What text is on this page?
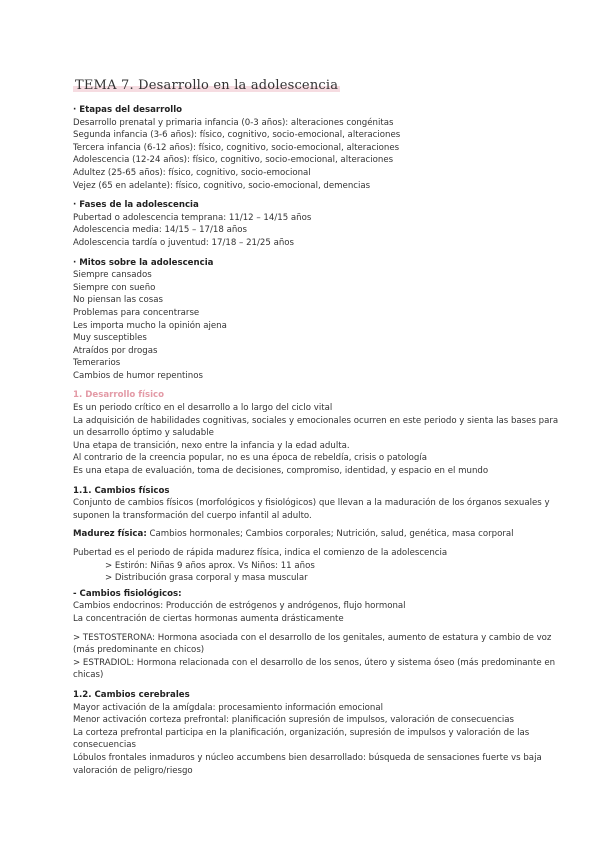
TEMA 7. Desarrollo en la adolescencia
· Etapas del desarrollo
Desarrollo prenatal y primaria infancia (0-3 años): alteraciones congénitas
Segunda infancia (3-6 años): físico, cognitivo, socio-emocional, alteraciones
Tercera infancia (6-12 años): físico, cognitivo, socio-emocional, alteraciones
Adolescencia (12-24 años): físico, cognitivo, socio-emocional, alteraciones
Adultez (25-65 años): físico, cognitivo, socio-emocional
Vejez (65 en adelante): físico, cognitivo, socio-emocional, demencias
· Fases de la adolescencia
Pubertad o adolescencia temprana: 11/12 – 14/15 años
Adolescencia media: 14/15 – 17/18 años
Adolescencia tardía o juventud: 17/18 – 21/25 años
· Mitos sobre la adolescencia
Siempre cansados
Siempre con sueño
No piensan las cosas
Problemas para concentrarse
Les importa mucho la opinión ajena
Muy susceptibles
Atraídos por drogas
Temerarios
Cambios de humor repentinos
1. Desarrollo físico
Es un periodo crítico en el desarrollo a lo largo del ciclo vital
La adquisición de habilidades cognitivas, sociales y emocionales ocurren en este periodo y sienta las bases para un desarrollo óptimo y saludable
Una etapa de transición, nexo entre la infancia y la edad adulta.
Al contrario de la creencia popular, no es una época de rebeldía, crisis o patología
Es una etapa de evaluación, toma de decisiones, compromiso, identidad, y espacio en el mundo
1.1. Cambios físicos
Conjunto de cambios físicos (morfológicos y fisiológicos) que llevan a la maduración de los órganos sexuales y suponen la transformación del cuerpo infantil al adulto.
Madurez física: Cambios hormonales; Cambios corporales; Nutrición, salud, genética, masa corporal
Pubertad es el periodo de rápida madurez física, indica el comienzo de la adolescencia
> Estirón: Niñas 9 años aprox. Vs Niños: 11 años
> Distribución grasa corporal y masa muscular
- Cambios fisiológicos:
Cambios endocrinos: Producción de estrógenos y andrógenos, flujo hormonal
La concentración de ciertas hormonas aumenta drásticamente
> TESTOSTERONA: Hormona asociada con el desarrollo de los genitales, aumento de estatura y cambio de voz (más predominante en chicos)
> ESTRADIOL: Hormona relacionada con el desarrollo de los senos, útero y sistema óseo (más predominante en chicas)
1.2. Cambios cerebrales
Mayor activación de la amígdala: procesamiento información emocional
Menor activación corteza prefrontal: planificación supresión de impulsos, valoración de consecuencias
La corteza prefrontal participa en la planificación, organización, supresión de impulsos y valoración de las consecuencias
Lóbulos frontales inmaduros y núcleo accumbens bien desarrollado: búsqueda de sensaciones fuerte vs baja valoración de peligro/riesgo
